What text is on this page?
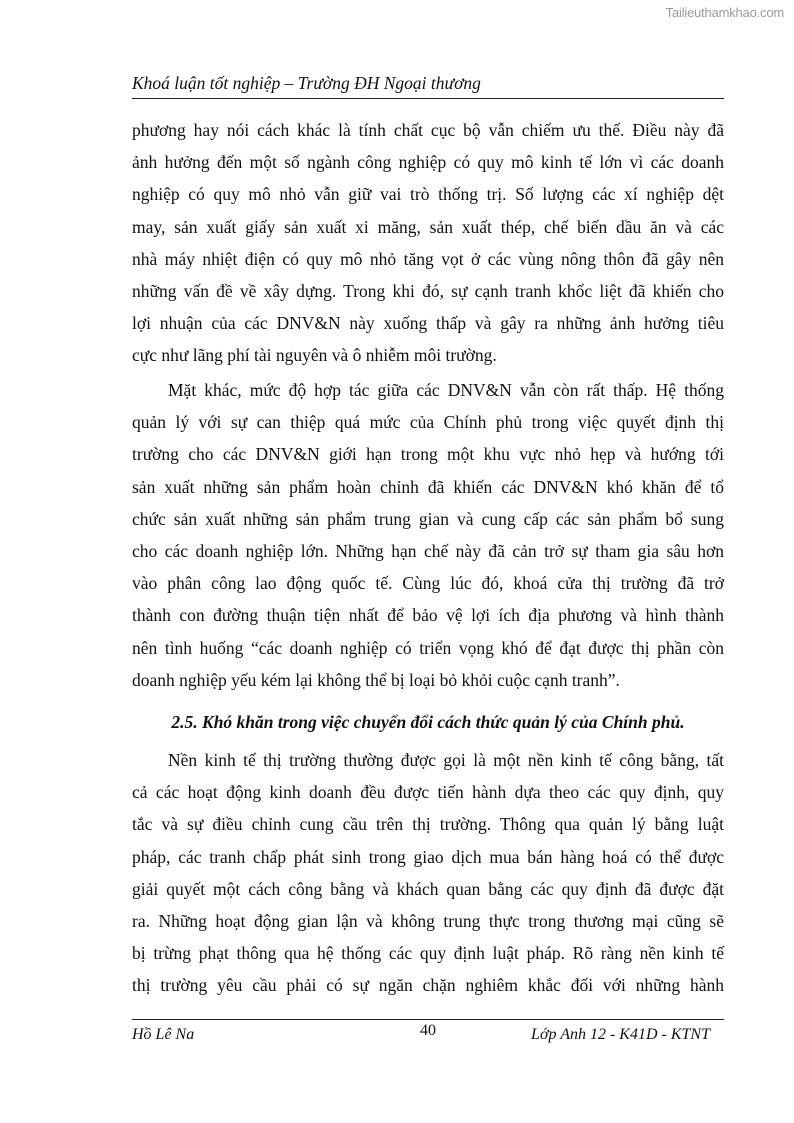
Tailieuthamkhao.com
Khoá luận tốt nghiệp – Trường ĐH Ngoại thương
phương hay nói cách khác là tính chất cục bộ vẫn chiếm ưu thế. Điều này đã
ảnh hưởng đến một số ngành công nghiệp có quy mô kinh tế lớn vì các doanh
nghiệp có quy mô nhỏ vẫn giữ vai trò thống trị. Số lượng các xí nghiệp dệt
may, sản xuất giấy sản xuất xi măng, sản xuất thép, chế biến dầu ăn và các
nhà máy nhiệt điện có quy mô nhỏ tăng vọt ở các vùng nông thôn đã gây nên
những vấn đề về xây dựng. Trong khi đó, sự cạnh tranh khốc liệt đã khiến cho
lợi nhuận của các DNV&N này xuống thấp và gây ra những ảnh hưởng tiêu
cực như lãng phí tài nguyên và ô nhiễm môi trường.
Mặt khác, mức độ hợp tác giữa các DNV&N vẫn còn rất thấp. Hệ thống
quản lý với sự can thiệp quá mức của Chính phủ trong việc quyết định thị
trường cho các DNV&N giới hạn trong một khu vực nhỏ hẹp và hướng tới
sản xuất những sản phẩm hoàn chỉnh đã khiến các DNV&N khó khăn để tổ
chức sản xuất những sản phẩm trung gian và cung cấp các sản phẩm bổ sung
cho các doanh nghiệp lớn. Những hạn chế này đã cản trở sự tham gia sâu hơn
vào phân công lao động quốc tế. Cùng lúc đó, khoá cửa thị trường đã trở
thành con đường thuận tiện nhất để bảo vệ lợi ích địa phương và hình thành
nên tình huống “các doanh nghiệp có triển vọng khó để đạt được thị phần còn
doanh nghiệp yếu kém lại không thể bị loại bỏ khỏi cuộc cạnh tranh”.
2.5. Khó khăn trong việc chuyển đổi cách thức quản lý của Chính phủ.
Nền kinh tế thị trường thường được gọi là một nền kinh tế công bằng, tất
cả các hoạt động kinh doanh đều được tiến hành dựa theo các quy định, quy
tắc và sự điều chỉnh cung cầu trên thị trường. Thông qua quản lý bằng luật
pháp, các tranh chấp phát sinh trong giao dịch mua bán hàng hoá có thể được
giải quyết một cách công bằng và khách quan bằng các quy định đã được đặt
ra. Những hoạt động gian lận và không trung thực trong thương mại cũng sẽ
bị trừng phạt thông qua hệ thống các quy định luật pháp. Rõ ràng nền kinh tế
thị trường yêu cầu phải có sự ngăn chặn nghiêm khắc đối với những hành
Hồ Lê Na	40	Lớp Anh 12 - K41D - KTNT
